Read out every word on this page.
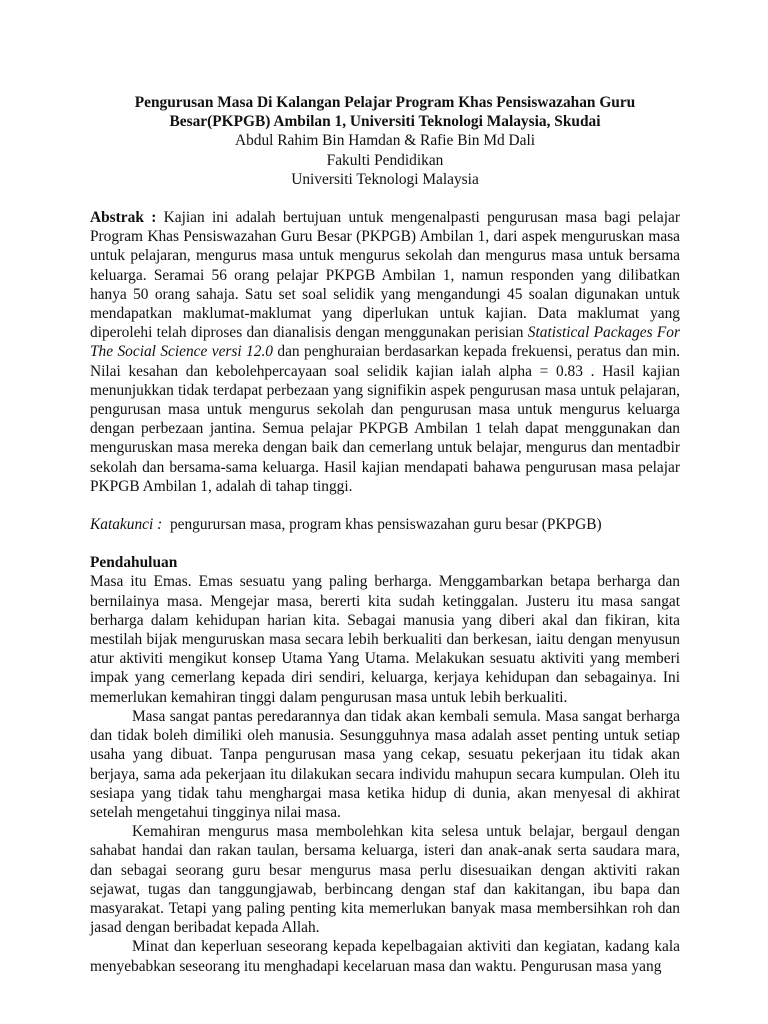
Pengurusan Masa Di Kalangan Pelajar Program Khas Pensiswazahan Guru
Besar(PKPGB) Ambilan 1, Universiti Teknologi Malaysia, Skudai
Abdul Rahim Bin Hamdan & Rafie Bin Md Dali
Fakulti Pendidikan
Universiti Teknologi Malaysia
Abstrak : Kajian ini adalah bertujuan untuk mengenalpasti pengurusan masa bagi pelajar Program Khas Pensiswazahan Guru Besar (PKPGB) Ambilan 1, dari aspek menguruskan masa untuk pelajaran, mengurus masa untuk mengurus sekolah dan mengurus masa untuk bersama keluarga. Seramai 56 orang pelajar PKPGB Ambilan 1, namun responden yang dilibatkan hanya 50 orang sahaja. Satu set soal selidik yang mengandungi 45 soalan digunakan untuk mendapatkan maklumat-maklumat yang diperlukan untuk kajian. Data maklumat yang diperolehi telah diproses dan dianalisis dengan menggunakan perisian Statistical Packages For The Social Science versi 12.0 dan penghuraian berdasarkan kepada frekuensi, peratus dan min. Nilai kesahan dan kebolehpercayaan soal selidik kajian ialah alpha = 0.83 . Hasil kajian menunjukkan tidak terdapat perbezaan yang signifikin aspek pengurusan masa untuk pelajaran, pengurusan masa untuk mengurus sekolah dan pengurusan masa untuk mengurus keluarga dengan perbezaan jantina. Semua pelajar PKPGB Ambilan 1 telah dapat menggunakan dan menguruskan masa mereka dengan baik dan cemerlang untuk belajar, mengurus dan mentadbir sekolah dan bersama-sama keluarga. Hasil kajian mendapati bahawa pengurusan masa pelajar PKPGB Ambilan 1, adalah di tahap tinggi.
Katakunci : pengurursan masa, program khas pensiswazahan guru besar (PKPGB)
Pendahuluan
Masa itu Emas. Emas sesuatu yang paling berharga. Menggambarkan betapa berharga dan bernilainya masa. Mengejar masa, bererti kita sudah ketinggalan. Justeru itu masa sangat berharga dalam kehidupan harian kita. Sebagai manusia yang diberi akal dan fikiran, kita mestilah bijak menguruskan masa secara lebih berkualiti dan berkesan, iaitu dengan menyusun atur aktiviti mengikut konsep Utama Yang Utama. Melakukan sesuatu aktiviti yang memberi impak yang cemerlang kepada diri sendiri, keluarga, kerjaya kehidupan dan sebagainya. Ini memerlukan kemahiran tinggi dalam pengurusan masa untuk lebih berkualiti.
Masa sangat pantas peredarannya dan tidak akan kembali semula. Masa sangat berharga dan tidak boleh dimiliki oleh manusia. Sesungguhnya masa adalah asset penting untuk setiap usaha yang dibuat. Tanpa pengurusan masa yang cekap, sesuatu pekerjaan itu tidak akan berjaya, sama ada pekerjaan itu dilakukan secara individu mahupun secara kumpulan. Oleh itu sesiapa yang tidak tahu menghargai masa ketika hidup di dunia, akan menyesal di akhirat setelah mengetahui tingginya nilai masa.
Kemahiran mengurus masa membolehkan kita selesa untuk belajar, bergaul dengan sahabat handai dan rakan taulan, bersama keluarga, isteri dan anak-anak serta saudara mara, dan sebagai seorang guru besar mengurus masa perlu disesuaikan dengan aktiviti rakan sejawat, tugas dan tanggungjawab, berbincang dengan staf dan kakitangan, ibu bapa dan masyarakat. Tetapi yang paling penting kita memerlukan banyak masa membersihkan roh dan jasad dengan beribadat kepada Allah.
Minat dan keperluan seseorang kepada kepelbagaian aktiviti dan kegiatan, kadang kala menyebabkan seseorang itu menghadapi kecelaruan masa dan waktu. Pengurusan masa yang
